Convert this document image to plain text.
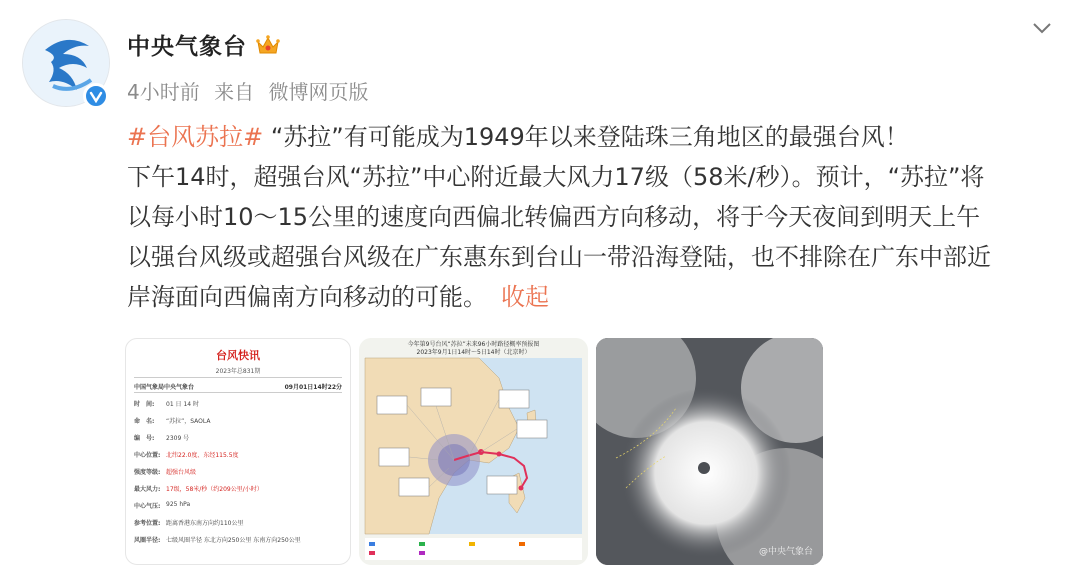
中央气象台
4小时前 来自 微博网页版

#台风苏拉# “苏拉”有可能成为1949年以来登陆珠三角地区的最强台风！

下午14时，超强台风“苏拉”中心附近最大风力17级（58米/秒）。预计，“苏拉”将

以每小时10～15公里的速度向西偏北转偏西方向移动，将于今天夜间到明天上午

以强台风级或超强台风级在广东惠东到台山一带沿海登陆，也不排除在广东中部近

岸海面向西偏南方向移动的可能。 收起

台风快讯
2023年总831期
中国气象局中央气象台	09月01日14时22分
时　间:	01 日 14 时
命　名:	“苏拉”，SAOLA
编　号:	2309 号
中心位置: 北纬22.0度、东经115.5度
强度等级: 超强台风级
最大风力: 17级，58米/秒（约209公里/小时）
中心气压: 925 hPa
参考位置: 距离香港东南方向约110公里
风圈半径: 七级风圈半径 东北方向250公里 东南方向250公里
今年第9号台风“苏拉”未来96小时路径概率预报图
2023年9月1日14时～5日14时（北京时）
@中央气象台
